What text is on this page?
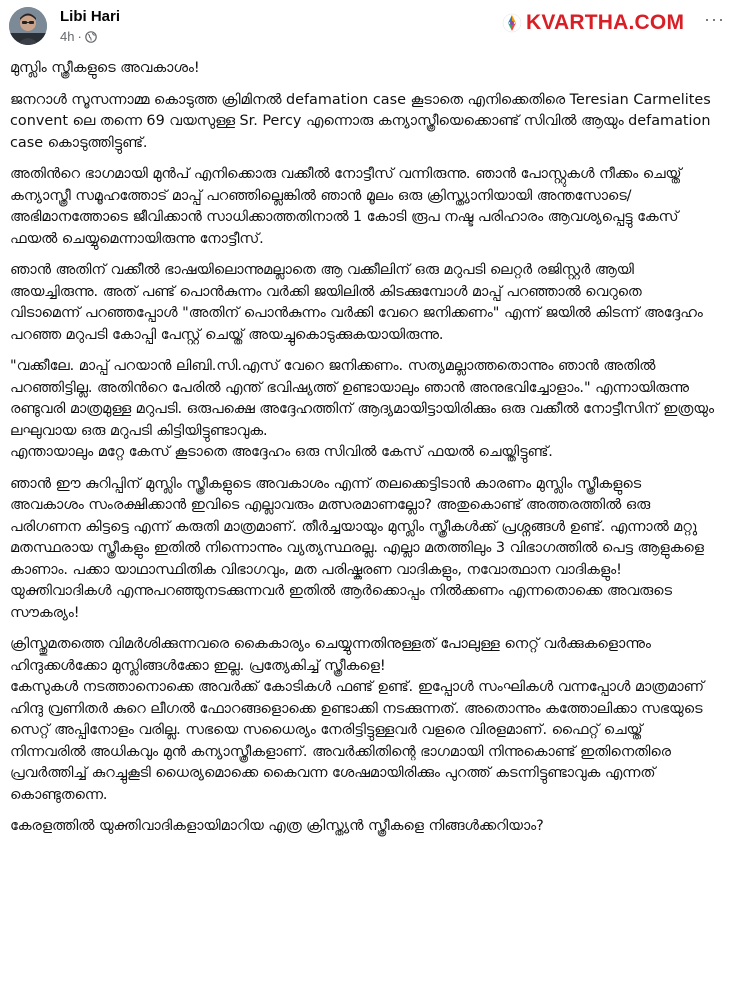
Libi Hari
4h ·
KVARTHA.COM ···

മുസ്ലിം സ്ത്രീകളുടെ അവകാശം!

ജനറാൾ സൂസന്നാമ്മ കൊടുത്ത ക്രിമിനൽ defamation case കൂടാതെ എനിക്കെതിരെ Teresian Carmelites convent ലെ തന്നെ 69 വയസുള്ള Sr. Percy എന്നൊരു കന്യാസ്ത്രീയെക്കൊണ്ട് സിവിൽ ആയും defamation case കൊടുത്തിട്ടുണ്ട്.

അതിൻറെ ഭാഗമായി മുൻപ് എനിക്കൊരു വക്കീൽ നോട്ടീസ് വന്നിരുന്നു. ഞാൻ പോസ്റ്റുകൾ നീക്കം ചെയ്ത് കന്യാസ്ത്രീ സമൂഹത്തോട് മാപ്പ് പറഞ്ഞില്ലെങ്കിൽ ഞാൻ മൂലം ഒരു ക്രിസ്ത്യാനിയായി അന്തസോടെ/അഭിമാനത്തോടെ ജീവിക്കാൻ സാധിക്കാത്തതിനാൽ 1 കോടി രൂപ നഷ്ട പരിഹാരം ആവശ്യപ്പെട്ടു കേസ് ഫയൽ ചെയ്യുമെന്നായിരുന്നു നോട്ടീസ്.

ഞാൻ അതിന് വക്കീൽ ഭാഷയിലൊന്നുമല്ലാതെ ആ വക്കീലിന് ഒരു മറുപടി ലെറ്റർ രജിസ്റ്റർ ആയി അയച്ചിരുന്നു. അത് പണ്ട് പൊൻകുന്നം വർക്കി ജയിലിൽ കിടക്കുമ്പോൾ മാപ്പ് പറഞ്ഞാൽ വെറുതെ വിടാമെന്ന് പറഞ്ഞപ്പോൾ "അതിന് പൊൻകുന്നം വർക്കി വേറെ ജനിക്കണം" എന്ന് ജയിൽ കിടന്ന് അദ്ദേഹം പറഞ്ഞ മറുപടി കോപ്പി പേസ്റ്റ് ചെയ്ത് അയച്ചുകൊടുക്കുകയായിരുന്നു.

"വക്കീലേ. മാപ്പ് പറയാൻ ലിബി.സി.എസ് വേറെ ജനിക്കണം. സത്യമല്ലാത്തതൊന്നും ഞാൻ അതിൽ പറഞ്ഞിട്ടില്ല. അതിൻറെ പേരിൽ എന്ത് ഭവിഷ്യത്ത് ഉണ്ടായാലും ഞാൻ അനുഭവിച്ചോളാം." എന്നായിരുന്നു രണ്ടുവരി മാത്രമുള്ള മറുപടി. ഒരുപക്ഷെ അദ്ദേഹത്തിന് ആദ്യമായിട്ടായിരിക്കും ഒരു വക്കീൽ നോട്ടീസിന് ഇത്രയും ലഘുവായ ഒരു മറുപടി കിട്ടിയിട്ടുണ്ടാവുക.

എന്തായാലും മറ്റേ കേസ് കൂടാതെ അദ്ദേഹം ഒരു സിവിൽ കേസ് ഫയൽ ചെയ്തിട്ടുണ്ട്.

ഞാൻ ഈ കുറിപ്പിന് മുസ്ലിം സ്ത്രീകളുടെ അവകാശം എന്ന് തലക്കെട്ടിടാൻ കാരണം മുസ്ലിം സ്ത്രീകളുടെ അവകാശം സംരക്ഷിക്കാൻ ഇവിടെ എല്ലാവരും മത്സരമാണല്ലോ? അതുകൊണ്ട് അത്തരത്തിൽ ഒരു പരിഗണന കിട്ടട്ടെ എന്ന് കരുതി മാത്രമാണ്. തീർച്ചയായും മുസ്ലിം സ്ത്രീകൾക്ക് പ്രശ്നങ്ങൾ ഉണ്ട്. എന്നാൽ മറ്റു മതസ്ഥരായ സ്ത്രീകളും ഇതിൽ നിന്നൊന്നും വ്യത്യസ്ഥരല്ല. എല്ലാ മതത്തിലും 3 വിഭാഗത്തിൽ പെട്ട ആളുകളെ കാണാം. പക്കാ യാഥാസ്ഥിതിക വിഭാഗവും, മത പരിഷ്കരണ വാദികളും, നവോത്ഥാന വാദികളും! യുക്തിവാദികൾ എന്നുപറഞ്ഞുനടക്കുന്നവർ ഇതിൽ ആർക്കൊപ്പം നിൽക്കണം എന്നതൊക്കെ അവരുടെ സൗകര്യം!

ക്രിസ്തുമതത്തെ വിമർശിക്കുന്നവരെ കൈകാര്യം ചെയ്യുന്നതിനുള്ളത് പോലുള്ള നെറ്റ് വർക്കുകളൊന്നും ഹിന്ദുക്കൾക്കോ മുസ്ലിങ്ങൾക്കോ ഇല്ല. പ്രത്യേകിച്ച് സ്ത്രീകളെ!

കേസുകൾ നടത്താനൊക്കെ അവർക്ക് കോടികൾ ഫണ്ട് ഉണ്ട്. ഇപ്പോൾ സംഘികൾ വന്നപ്പോൾ മാത്രമാണ് ഹിന്ദു വ്രണിതർ കുറെ ലീഗൽ ഫോറങ്ങളൊക്കെ ഉണ്ടാക്കി നടക്കുന്നത്. അതൊന്നും കത്തോലിക്കാ സഭയുടെ സെറ്റ് അപ്പിനോളം വരില്ല. സഭയെ സധൈര്യം നേരിട്ടിട്ടുള്ളവർ വളരെ വിരളമാണ്. ഫൈറ്റ് ചെയ്ത് നിന്നവരിൽ അധികവും മുൻ കന്യാസ്ത്രീകളാണ്. അവർക്കിതിന്റെ ഭാഗമായി നിന്നുകൊണ്ട് ഇതിനെതിരെ പ്രവർത്തിച്ച് കുറച്ചുകൂടി ധൈര്യമൊക്കെ കൈവന്ന ശേഷമായിരിക്കും പുറത്ത് കടന്നിട്ടുണ്ടാവുക എന്നത് കൊണ്ടുതന്നെ.

കേരളത്തിൽ യുക്തിവാദികളായിമാറിയ എത്ര ക്രിസ്ത്യൻ സ്ത്രീകളെ നിങ്ങൾക്കറിയാം?
